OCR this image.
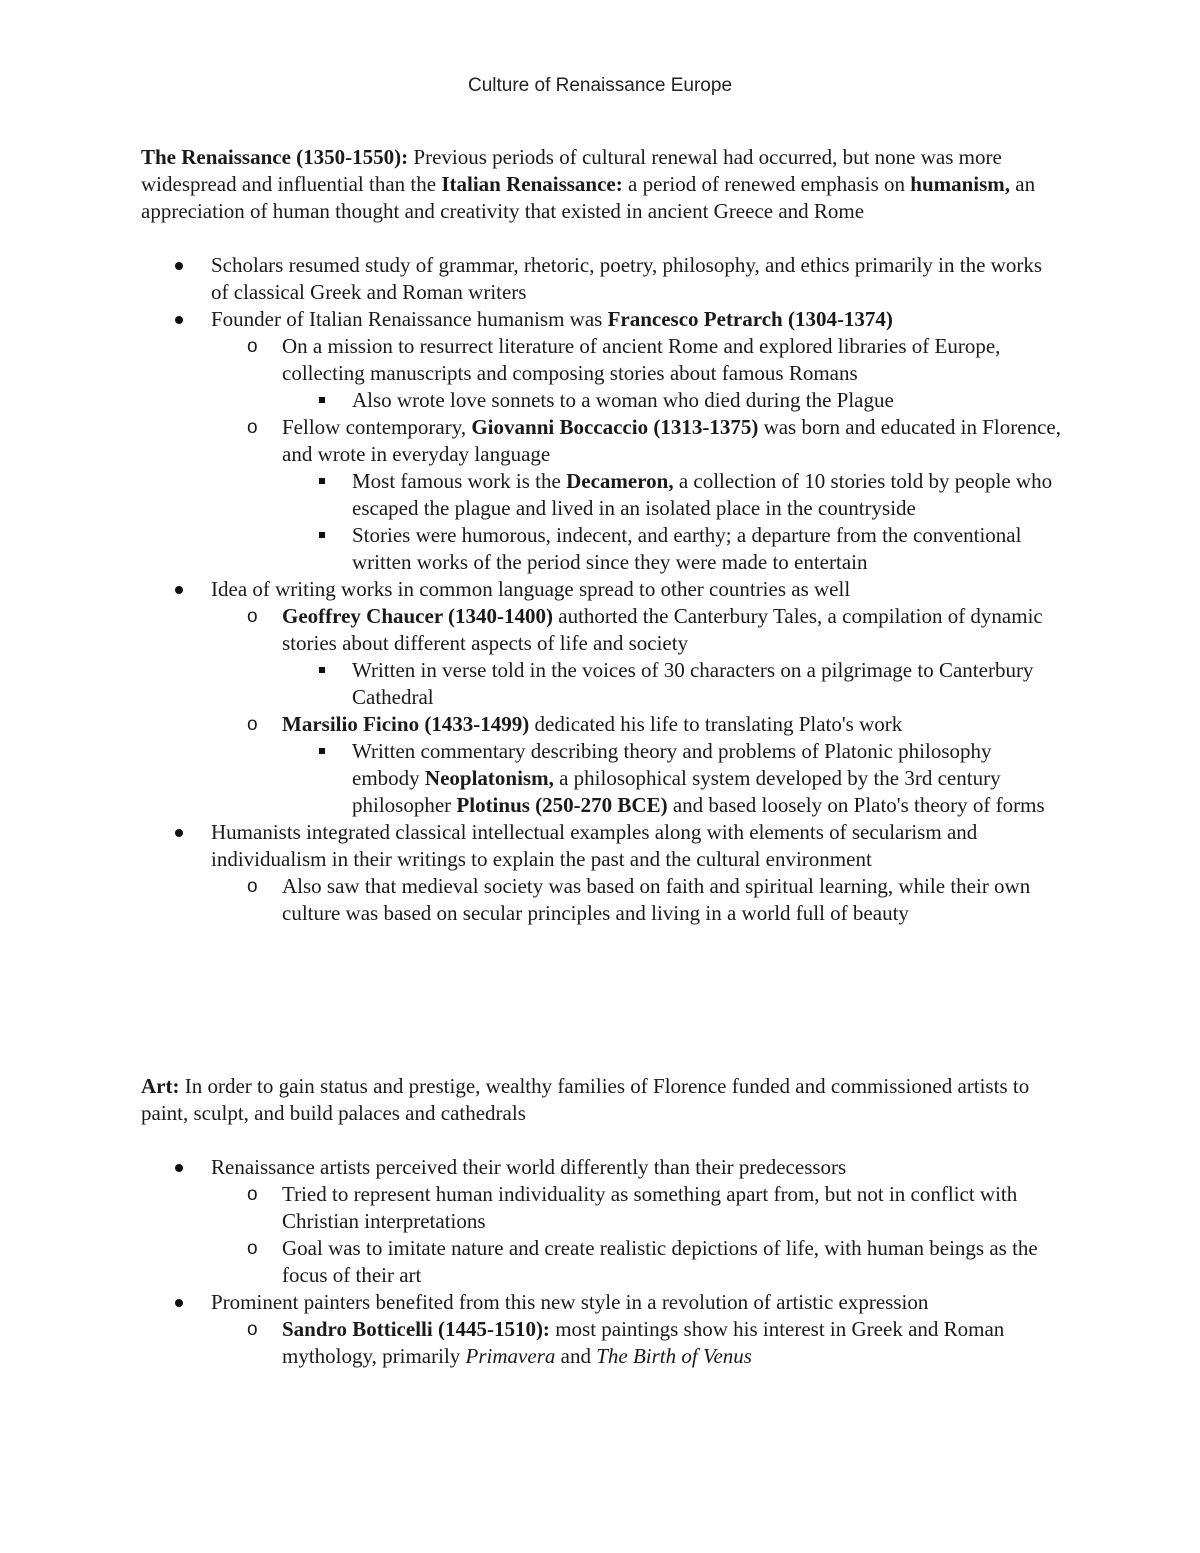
Culture of Renaissance Europe

The Renaissance (1350-1550): Previous periods of cultural renewal had occurred, but none was more widespread and influential than the Italian Renaissance: a period of renewed emphasis on humanism, an appreciation of human thought and creativity that existed in ancient Greece and Rome

Scholars resumed study of grammar, rhetoric, poetry, philosophy, and ethics primarily in the works of classical Greek and Roman writers
Founder of Italian Renaissance humanism was Francesco Petrarch (1304-1374)
o On a mission to resurrect literature of ancient Rome and explored libraries of Europe, collecting manuscripts and composing stories about famous Romans
Also wrote love sonnets to a woman who died during the Plague
o Fellow contemporary, Giovanni Boccaccio (1313-1375) was born and educated in Florence, and wrote in everyday language
Most famous work is the Decameron, a collection of 10 stories told by people who escaped the plague and lived in an isolated place in the countryside
Stories were humorous, indecent, and earthy; a departure from the conventional written works of the period since they were made to entertain
Idea of writing works in common language spread to other countries as well
o Geoffrey Chaucer (1340-1400) authorted the Canterbury Tales, a compilation of dynamic stories about different aspects of life and society
Written in verse told in the voices of 30 characters on a pilgrimage to Canterbury Cathedral
o Marsilio Ficino (1433-1499) dedicated his life to translating Plato's work
Written commentary describing theory and problems of Platonic philosophy embody Neoplatonism, a philosophical system developed by the 3rd century philosopher Plotinus (250-270 BCE) and based loosely on Plato's theory of forms
Humanists integrated classical intellectual examples along with elements of secularism and individualism in their writings to explain the past and the cultural environment
o Also saw that medieval society was based on faith and spiritual learning, while their own culture was based on secular principles and living in a world full of beauty

Art: In order to gain status and prestige, wealthy families of Florence funded and commissioned artists to paint, sculpt, and build palaces and cathedrals

Renaissance artists perceived their world differently than their predecessors
o Tried to represent human individuality as something apart from, but not in conflict with Christian interpretations
o Goal was to imitate nature and create realistic depictions of life, with human beings as the focus of their art
Prominent painters benefited from this new style in a revolution of artistic expression
o Sandro Botticelli (1445-1510): most paintings show his interest in Greek and Roman mythology, primarily Primavera and The Birth of Venus
